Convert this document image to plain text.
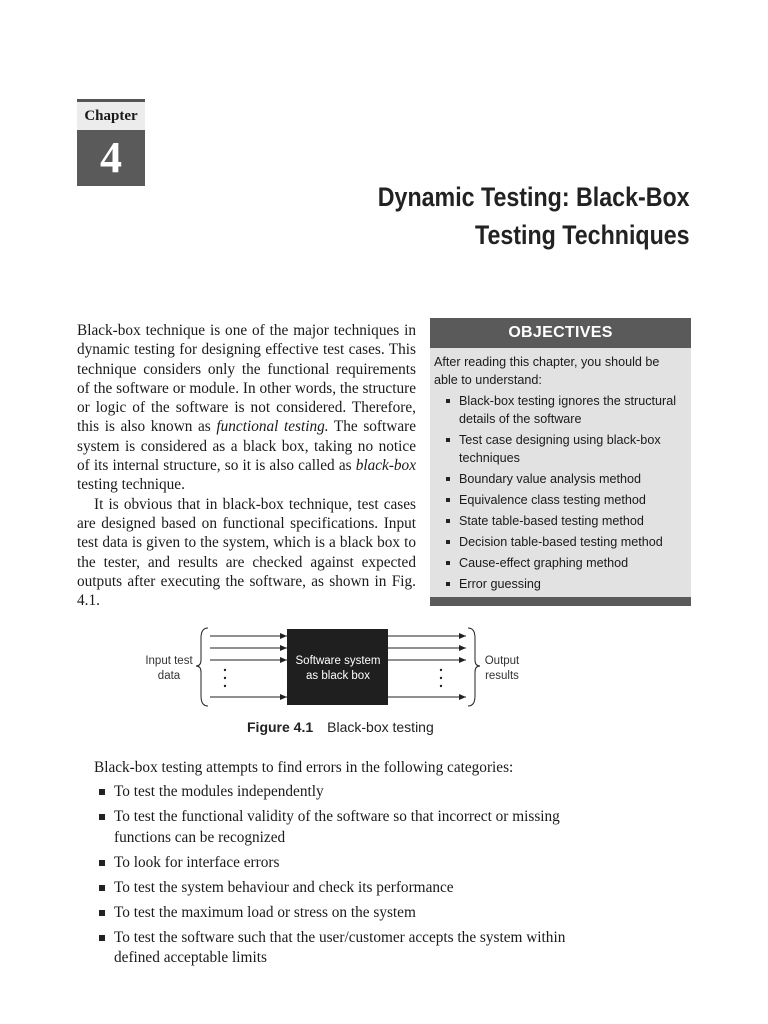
Chapter
4
Dynamic Testing: Black-Box
Testing Techniques

Black-box technique is one of the major techniques in dynamic testing for designing effective test cases. This technique considers only the functional requirements of the software or module. In other words, the structure or logic of the software is not considered. Therefore, this is also known as functional testing. The software system is considered as a black box, taking no notice of its internal structure, so it is also called as black-box testing technique.

It is obvious that in black-box technique, test cases are designed based on functional specifications. Input test data is given to the system, which is a black box to the tester, and results are checked against expected outputs after executing the software, as shown in Fig. 4.1.

OBJECTIVES
After reading this chapter, you should be able to understand:
Black-box testing ignores the structural details of the software
Test case designing using black-box techniques
Boundary value analysis method
Equivalence class testing method
State table-based testing method
Decision table-based testing method
Cause-effect graphing method
Error guessing
Input test
data
Output
results
Software system
as black box
Figure 4.1 Black-box testing
Black-box testing attempts to find errors in the following categories:
To test the modules independently
To test the functional validity of the software so that incorrect or missing functions can be recognized
To look for interface errors
To test the system behaviour and check its performance
To test the maximum load or stress on the system
To test the software such that the user/customer accepts the system within defined acceptable limits
